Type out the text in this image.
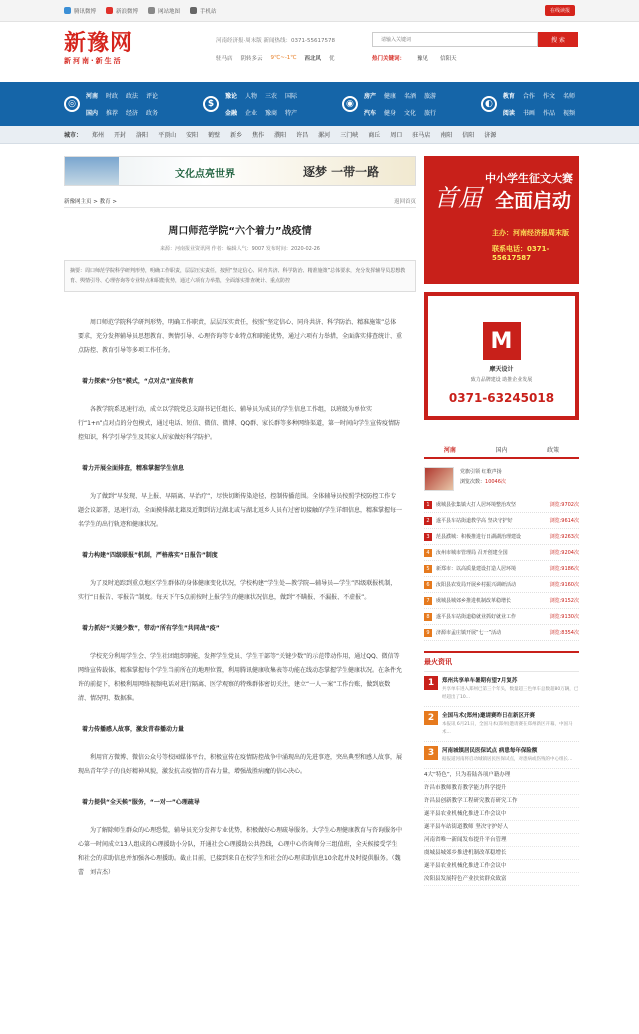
腾讯微博	新浪微博	网站地图	手机站	在线读报
新豫网
新河南·新生活
河南经济报·周末版 新闻热线：0371-55617578
驻马店 阴转多云 9℃~-1℃ 西北风 优
请输入关键词
搜 索
热门关键词： 豫见 信阳天
◎
河南 时政 政法 评论
国内 推荐 经济 政务
$
豫论 人物 三农 国际
金融 企业 豫商 特产
◉
房产 健康 名酒 旅游
汽车 健身 文化 旅行
◐
教育 合作 作文 名师
阅读 书画 作品 视频
城市： 郑州 开封 洛阳 平顶山 安阳 鹤壁 新乡 焦作 濮阳 许昌 漯河 三门峡 商丘 周口 驻马店 南阳 信阳 济源
文化点亮世界	逐梦 一带一路
新豫网主页 > 教育 >	返回首页
周口师范学院“六个着力”战疫情
来源：河南报业资讯网 作者：编辑人气：9007 发布时间：2020-02-26
摘要：周口师范学院科学研判形势，明确工作职责，层层压实责任，按照“坚定信心、同舟共济、科学防治、精准施策”总体要求，充分发挥辅导员思想教育、舆情引导、心理咨询等专业特点和职能优势，通过六项有力举措，全面落实排查统计、重点防控

周口师范学院科学研判形势，明确工作职责，层层压实责任，按照“坚定信心、同舟共济、科学防治、精准施策”总体要求，充分发挥辅导员思想教育、舆情引导、心理咨询等专业特点和职能优势，通过六项有力举措，全面落实排查统计、重点防控、教育引导等多项工作任务。

着力探索“分包”模式，“点对点”宣传教育

各教学院系迅速行动，成立以学院党总支副书记任组长、辅导员为成员的学生信息工作组，以班级为单位实行“1+n”点对点的分包模式，通过电话、短信、微信、微博、QQ群、家长群等多种网络渠道，第一时间向学生宣传疫情防控知识，科学引导学生及其家人居家做好科学防护。

着力开展全面排查，精准掌握学生信息

为了做到“早发现、早上报、早隔离、早治疗”，尽快切断传染途径，控制传播范围。全体辅导员按照学校防控工作专题会议部署，迅速行动，全面摸排湖北籍及近期到访过湖北或与湖北返乡人员有过密切接触的学生详细信息，精准掌握每一名学生的出行轨迹和健康状况。

着力构建“四级联报”机制，严格落实“日报告”制度

为了及时追踪到重点地区学生群体的身体健康变化状况，学校构建“学生处—教学院—辅导员—学生”四级联报机制，实行“日报告、零报告”制度。每天下午5点前按时上报学生的健康状况信息，做到“不瞒报、不漏报、不虚报”。

着力抓好“关键少数”，带动“所有学生”共同战“疫”

学校充分利用学生会、学生社团组织职能，发挥学生党员、学生干部等“关键少数”的示范带动作用，通过QQ、微信等网络宣传载体，精准掌握每个学生当前所在的地理位置，利用腾讯健康收集表等功能在线动态掌握学生健康状况。在条件允许的前提下，积极利用网络视频电话对进行隔离、医学观察的特殊群体密切关注，建立“一人一案”工作台账，做到底数清、情况明、数据准。

着力传播感人故事，激发青春播动力量

利用官方微博、微信公众号等校园媒体平台，积极宣传在疫情防控战争中涌现出的先进事迹，突出典型和感人故事，展现出青年学子的良好精神风貌，激发抗击疫情的青春力量，增强战胜病魔的信心决心。

着力提供“全天候”服务，“一对一”心理疏导

为了解除师生群众的心理恐慌，辅导员充分发挥专业优势，积极做好心理疏导服务。大学生心理健康教育与咨询服务中心第一时间成立13人组成的心理援助小分队，开通社会心理援助公共热线，心理中心咨询师分三组值班，全天候接受学生和社会的求助信息并加强各心理援助。截止目前，已接到来自在校学生和社会的心理求助信息10余起并及时提供服务。（魏蕾　刘吉杰）

首届
中小学生征文大赛
全面启动
主办：河南经济报周末版
联系电话：0371-55617587
M
摩天设计
致力品牌建设 助推企业发展
0371-63245018
河南	国内	政策
党旗引领 红歌声扬
浏览次数：10046次
1	虞城县张集镇大打人居环境整治攻坚	浏览:9702次
2	遂平县车站街道教学高 坚决守护好	浏览:9614次
3	范县濮城：积极推进行日湖湖治理建设	浏览:9263次
4	汝州市城市管理局 召开创建全国	浏览:9204次
5	新郑市：以高质量建设打造人居环境	浏览:9186次
6	汝阳县农发局开展乡村振兴调研活动	浏览:9160次
7	虞城县城郊乡推进机制改革稳增长	浏览:9152次
8	遂平县车站街道稳就业抓好就业工作	浏览:9130次
9	济源市孟庄镇开展“七一”活动	浏览:8354次
最火资讯
1	郑州共享单车暑期有望7月复苏
共享单车进入郑州已第三个年头，数量超三色单车总数超80万辆，已经超出了10...
2	全国马术(郑州)邀请赛昨日在新区开赛
本报讯 6月21日，全国马术(郑州)邀请赛在郑州新区开幕，中国马术...
3	河南城镇居民医保试点 病患每年保险额
据报道河南将启动城镇居民医保试点，对患病或伤残的中心组长…
4大“特色”，只为着陆各项户籍办理
许昌市教师教育教学能力科学提升
许昌县创新教学工程研究教育研究工作
遂平县农业机械化推进工作会议中
遂平县车站街道教师 坚决守护好人
河南省唯一新闻发布提升平台管理
虞城县城郊乡推进机制改革稳增长
遂平县农业机械化推进工作会议中
汝阳县发展特色产业扶贫群众致富
